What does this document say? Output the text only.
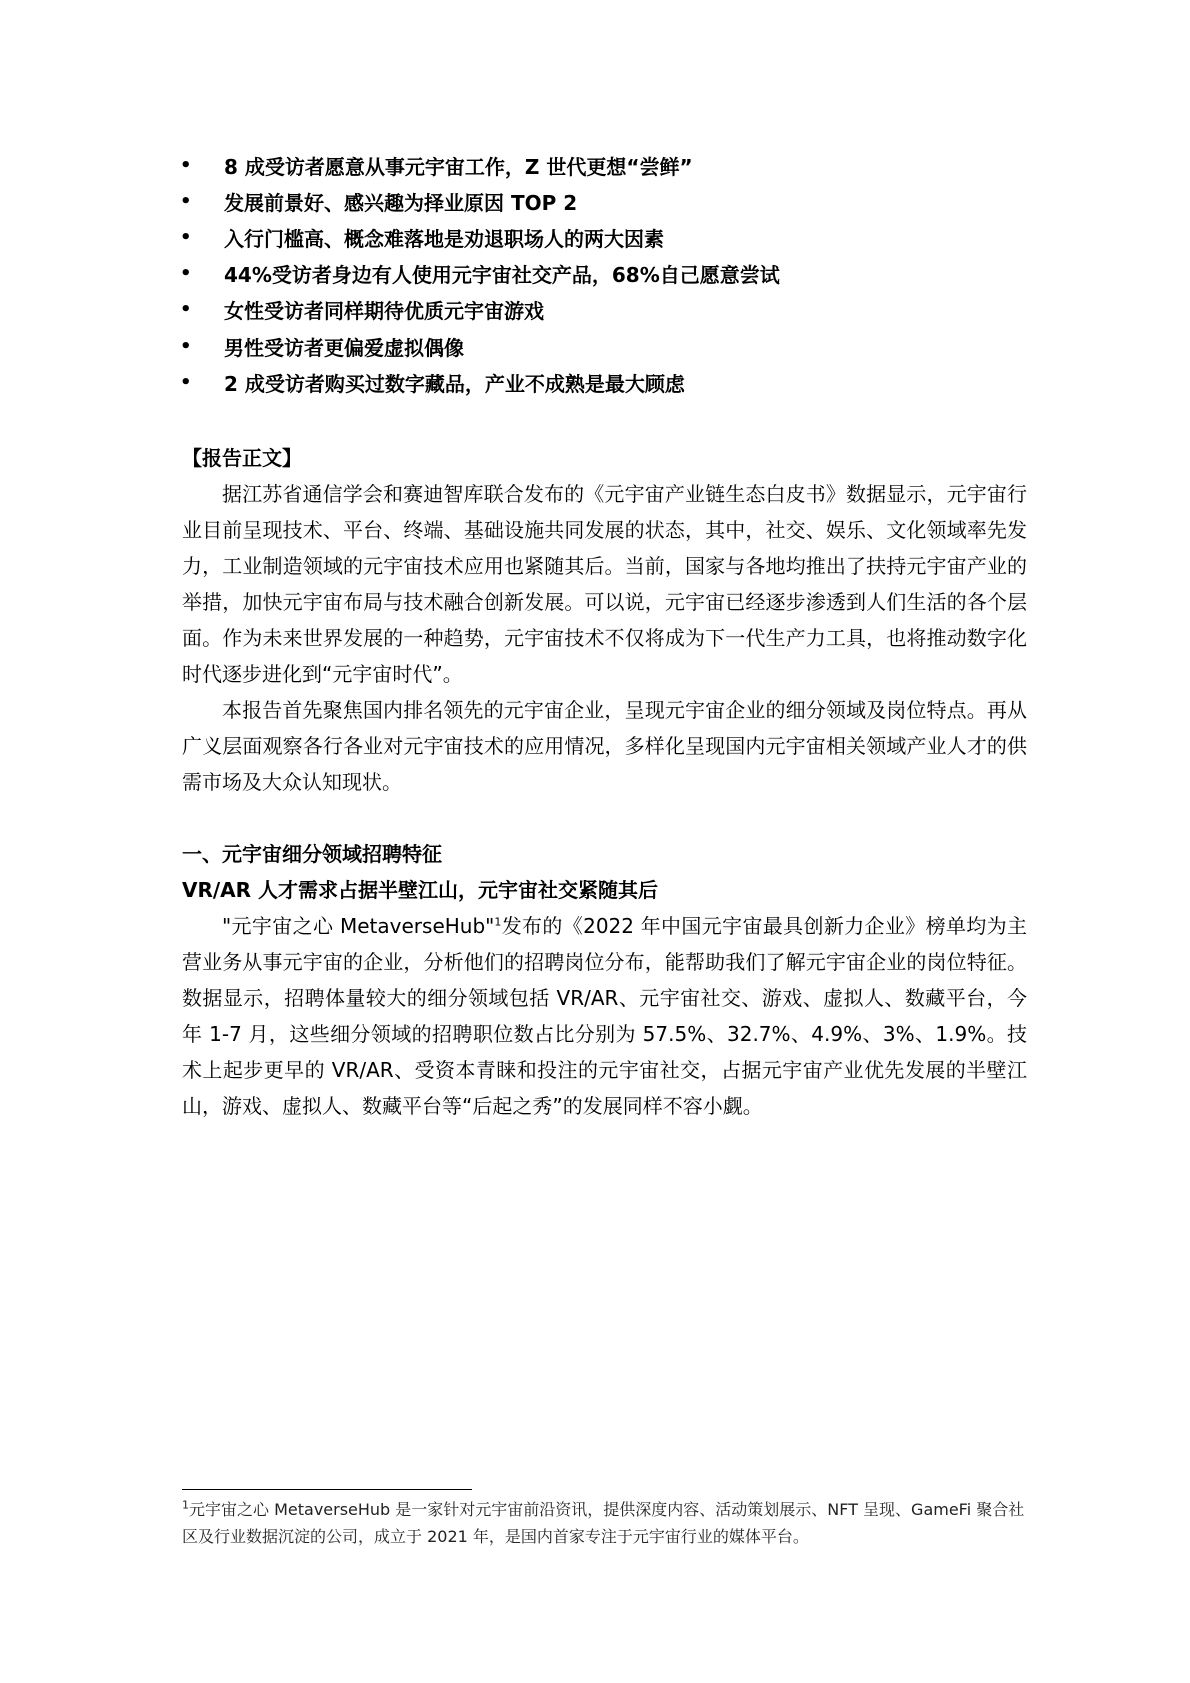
•	8 成受访者愿意从事元宇宙工作，Z 世代更想“尝鲜”
•	发展前景好、感兴趣为择业原因 TOP 2
•	入行门槛高、概念难落地是劝退职场人的两大因素
•	44%受访者身边有人使用元宇宙社交产品，68%自己愿意尝试
•	女性受访者同样期待优质元宇宙游戏
•	男性受访者更偏爱虚拟偶像
•	2 成受访者购买过数字藏品，产业不成熟是最大顾虑
【报告正文】

据江苏省通信学会和赛迪智库联合发布的《元宇宙产业链生态白皮书》数据显示，元宇宙行业目前呈现技术、平台、终端、基础设施共同发展的状态，其中，社交、娱乐、文化领域率先发力，工业制造领域的元宇宙技术应用也紧随其后。当前，国家与各地均推出了扶持元宇宙产业的举措，加快元宇宙布局与技术融合创新发展。可以说，元宇宙已经逐步渗透到人们生活的各个层面。作为未来世界发展的一种趋势，元宇宙技术不仅将成为下一代生产力工具，也将推动数字化时代逐步进化到“元宇宙时代”。

本报告首先聚焦国内排名领先的元宇宙企业，呈现元宇宙企业的细分领域及岗位特点。再从广义层面观察各行各业对元宇宙技术的应用情况，多样化呈现国内元宇宙相关领域产业人才的供需市场及大众认知现状。

一、元宇宙细分领域招聘特征
VR/AR 人才需求占据半壁江山，元宇宙社交紧随其后

"元宇宙之心 MetaverseHub"$^1$发布的《2022 年中国元宇宙最具创新力企业》榜单均为主营业务从事元宇宙的企业，分析他们的招聘岗位分布，能帮助我们了解元宇宙企业的岗位特征。数据显示，招聘体量较大的细分领域包括 VR/AR、元宇宙社交、游戏、虚拟人、数藏平台，今年 1-7 月，这些细分领域的招聘职位数占比分别为 57.5%、32.7%、4.9%、3%、1.9%。技术上起步更早的 VR/AR、受资本青睐和投注的元宇宙社交，占据元宇宙产业优先发展的半壁江山，游戏、虚拟人、数藏平台等“后起之秀”的发展同样不容小觑。

$^1$元宇宙之心 MetaverseHub 是一家针对元宇宙前沿资讯，提供深度内容、活动策划展示、NFT 呈现、GameFi 聚合社区及行业数据沉淀的公司，成立于 2021 年，是国内首家专注于元宇宙行业的媒体平台。
